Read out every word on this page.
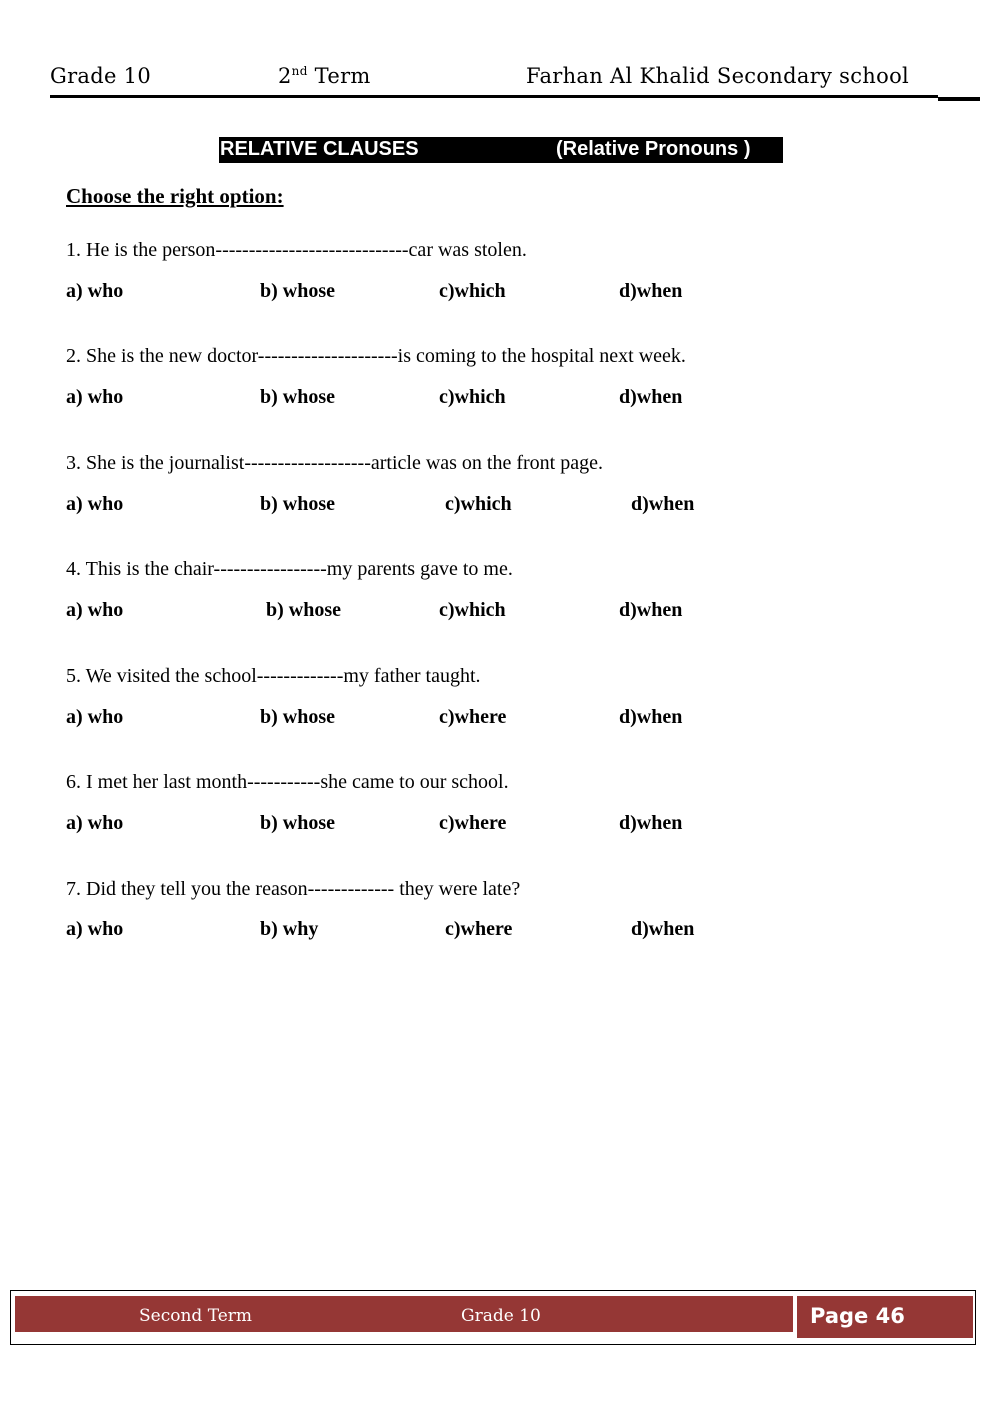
Grade 10	2nd Term	Farhan Al Khalid Secondary school
RELATIVE CLAUSES	(Relative Pronouns )
Choose the right option:
1. He is the person-----------------------------car was stolen.
a) who	b) whose	c)which	d)when
2. She is the new doctor---------------------is coming to the hospital next week.
a) who	b) whose	c)which	d)when
3. She is the journalist-------------------article was on the front page.
a) who	b) whose	c)which	d)when
4. This is the chair-----------------my parents gave to me.
a) who	b) whose	c)which	d)when
5. We visited the school-------------my father taught.
a) who	b) whose	c)where	d)when
6. I met her last month-----------she came to our school.
a) who	b) whose	c)where	d)when
7. Did they tell you the reason------------- they were late?
a) who	b) why	c)where	d)when
Second Term	Grade 10	Page 46
